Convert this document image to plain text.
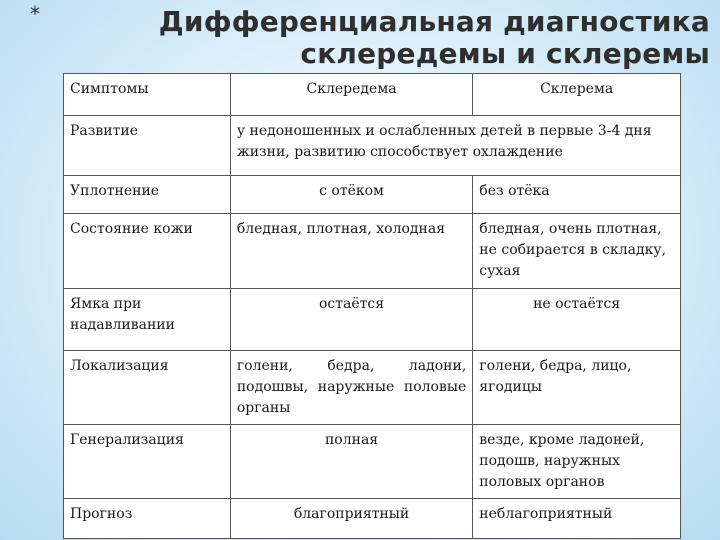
*	Дифференциальная диагностика склередемы и склеремы
Симптомы	Склередема	Склерема
Развитие	у недоношенных и ослабленных детей в первые 3-4 дня жизни, развитию способствует охлаждение	
Уплотнение	с отёком	без отёка
Состояние кожи	бледная, плотная, холодная	бледная, очень плотная, не собирается в складку, сухая
Ямка при надавливании	остаётся	не остаётся
Локализация	голени, бедра, ладони, подошвы, наружные половые органы	голени, бедра, лицо, ягодицы
Генерализация	полная	везде, кроме ладоней, подошв, наружных половых органов
Прогноз	благоприятный	неблагоприятный
